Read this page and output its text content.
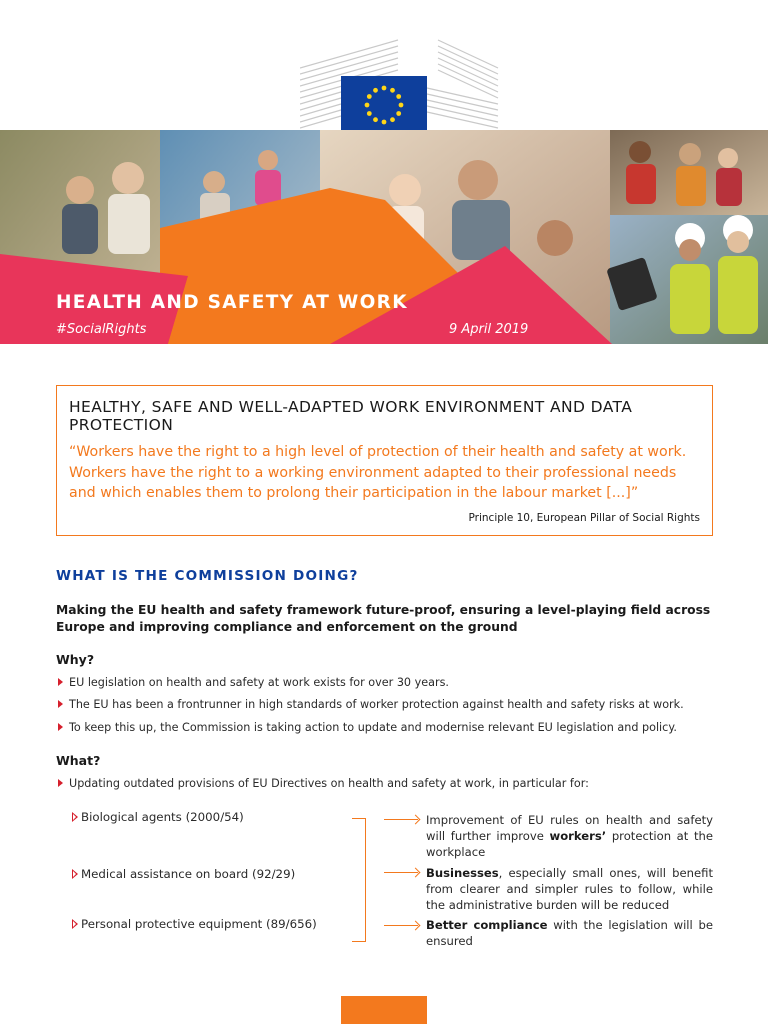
HEALTH AND SAFETY AT WORK
#SocialRights	9 April 2019
HEALTHY, SAFE AND WELL-ADAPTED WORK ENVIRONMENT AND DATA PROTECTION
“Workers have the right to a high level of protection of their health and safety at work. Workers have the right to a working environment adapted to their professional needs and which enables them to prolong their participation in the labour market [...]”
Principle 10, European Pillar of Social Rights
WHAT IS THE COMMISSION DOING?
Making the EU health and safety framework future-proof, ensuring a level-playing field across Europe and improving compliance and enforcement on the ground
Why?
EU legislation on health and safety at work exists for over 30 years.
The EU has been a frontrunner in high standards of worker protection against health and safety risks at work.
To keep this up, the Commission is taking action to update and modernise relevant EU legislation and policy.
What?
Updating outdated provisions of EU Directives on health and safety at work, in particular for:
Biological agents (2000/54)
Medical assistance on board (92/29)
Personal protective equipment (89/656)
Improvement of EU rules on health and safety will further improve workers’ protection at the workplace
Businesses, especially small ones, will benefit from clearer and simpler rules to follow, while the administrative burden will be reduced
Better compliance with the legislation will be ensured
